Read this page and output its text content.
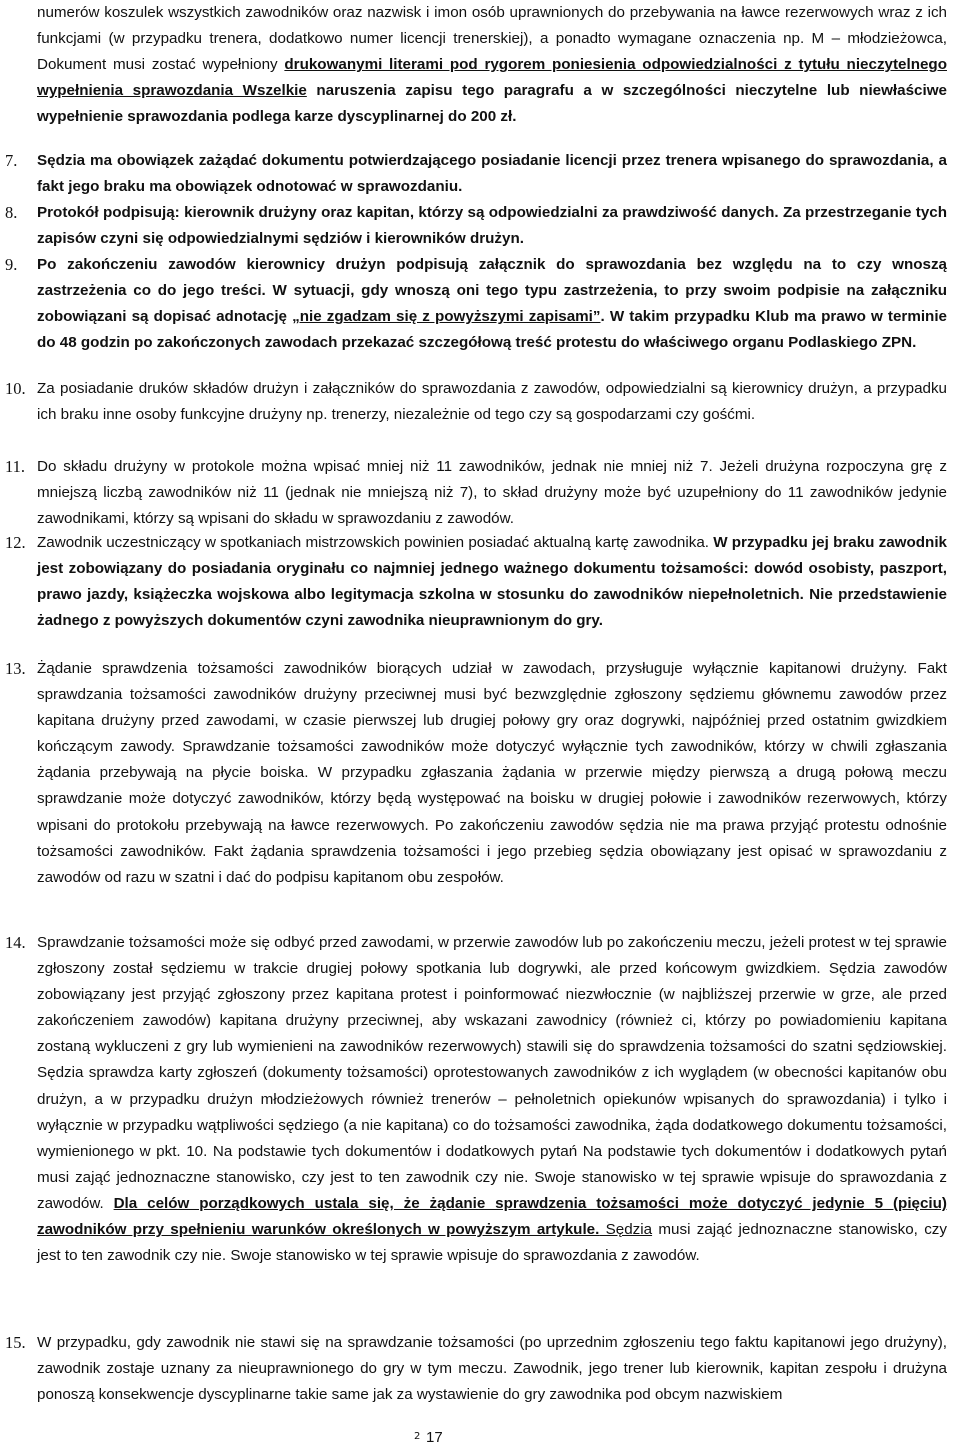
numerów koszulek wszystkich zawodników oraz nazwisk i imon osób uprawnionych do przebywania na ławce rezerwowych wraz z ich funkcjami (w przypadku trenera, dodatkowo numer licencji trenerskiej), a ponadto wymagane oznaczenia np. M – młodzieżowca, Dokument musi zostać wypełniony drukowanymi literami pod rygorem poniesienia odpowiedzialności z tytułu nieczytelnego wypełnienia sprawozdania Wszelkie naruszenia zapisu tego paragrafu a w szczególności nieczytelne lub niewłaściwe wypełnienie sprawozdania podlega karze dyscyplinarnej do 200 zł.
7. Sędzia ma obowiązek zażądać dokumentu potwierdzającego posiadanie licencji przez trenera wpisanego do sprawozdania, a fakt jego braku ma obowiązek odnotować w sprawozdaniu.
8. Protokół podpisują: kierownik drużyny oraz kapitan, którzy są odpowiedzialni za prawdziwość danych. Za przestrzeganie tych zapisów czyni się odpowiedzialnymi sędziów i kierowników drużyn.
9. Po zakończeniu zawodów kierownicy drużyn podpisują załącznik do sprawozdania bez względu na to czy wnoszą zastrzeżenia co do jego treści. W sytuacji, gdy wnoszą oni tego typu zastrzeżenia, to przy swoim podpisie na załączniku zobowiązani są dopisać adnotację „nie zgadzam się z powyższymi zapisami”. W takim przypadku Klub ma prawo w terminie do 48 godzin po zakończonych zawodach przekazać szczegółową treść protestu do właściwego organu Podlaskiego ZPN.
10. Za posiadanie druków składów drużyn i załączników do sprawozdania z zawodów, odpowiedzialni są kierownicy drużyn, a przypadku ich braku inne osoby funkcyjne drużyny np. trenerzy, niezależnie od tego czy są gospodarzami czy gośćmi.
11. Do składu drużyny w protokole można wpisać mniej niż 11 zawodników, jednak nie mniej niż 7. Jeżeli drużyna rozpoczyna grę z mniejszą liczbą zawodników niż 11 (jednak nie mniejszą niż 7), to skład drużyny może być uzupełniony do 11 zawodników jedynie zawodnikami, którzy są wpisani do składu w sprawozdaniu z zawodów.
12. Zawodnik uczestniczący w spotkaniach mistrzowskich powinien posiadać aktualną kartę zawodnika. W przypadku jej braku zawodnik jest zobowiązany do posiadania oryginału co najmniej jednego ważnego dokumentu tożsamości: dowód osobisty, paszport, prawo jazdy, książeczka wojskowa albo legitymacja szkolna w stosunku do zawodników niepełnoletnich. Nie przedstawienie żadnego z powyższych dokumentów czyni zawodnika nieuprawnionym do gry.
13. Żądanie sprawdzenia tożsamości zawodników biorących udział w zawodach, przysługuje wyłącznie kapitanowi drużyny. Fakt sprawdzania tożsamości zawodników drużyny przeciwnej musi być bezwzględnie zgłoszony sędziemu głównemu zawodów przez kapitana drużyny przed zawodami, w czasie pierwszej lub drugiej połowy gry oraz dogrywki, najpóźniej przed ostatnim gwizdkiem kończącym zawody. Sprawdzanie tożsamości zawodników może dotyczyć wyłącznie tych zawodników, którzy w chwili zgłaszania żądania przebywają na płycie boiska. W przypadku zgłaszania żądania w przerwie między pierwszą a drugą połową meczu sprawdzanie może dotyczyć zawodników, którzy będą występować na boisku w drugiej połowie i zawodników rezerwowych, którzy wpisani do protokołu przebywają na ławce rezerwowych. Po zakończeniu zawodów sędzia nie ma prawa przyjąć protestu odnośnie tożsamości zawodników. Fakt żądania sprawdzenia tożsamości i jego przebieg sędzia obowiązany jest opisać w sprawozdaniu z zawodów od razu w szatni i dać do podpisu kapitanom obu zespołów.
14. Sprawdzanie tożsamości może się odbyć przed zawodami, w przerwie zawodów lub po zakończeniu meczu, jeżeli protest w tej sprawie zgłoszony został sędziemu w trakcie drugiej połowy spotkania lub dogrywki, ale przed końcowym gwizdkiem. Sędzia zawodów zobowiązany jest przyjąć zgłoszony przez kapitana protest i poinformować niezwłocznie (w najbliższej przerwie w grze, ale przed zakończeniem zawodów) kapitana drużyny przeciwnej, aby wskazani zawodnicy (również ci, którzy po powiadomieniu kapitana zostaną wykluczeni z gry lub wymienieni na zawodników rezerwowych) stawili się do sprawdzenia tożsamości do szatni sędziowskiej. Sędzia sprawdza karty zgłoszeń (dokumenty tożsamości) oprotestowanych zawodników z ich wyglądem (w obecności kapitanów obu drużyn, a w przypadku drużyn młodzieżowych również trenerów – pełnoletnich opiekunów wpisanych do sprawozdania) i tylko i wyłącznie w przypadku wątpliwości sędziego (a nie kapitana) co do tożsamości zawodnika, żąda dodatkowego dokumentu tożsamości, wymienionego w pkt. 10. Na podstawie tych dokumentów i dodatkowych pytań Na podstawie tych dokumentów i dodatkowych pytań musi zająć jednoznaczne stanowisko, czy jest to ten zawodnik czy nie. Swoje stanowisko w tej sprawie wpisuje do sprawozdania z zawodów. Dla celów porządkowych ustala się, że żądanie sprawdzenia tożsamości może dotyczyć jedynie 5 (pięciu) zawodników przy spełnieniu warunków określonych w powyższym artykule. Sędzia musi zająć jednoznaczne stanowisko, czy jest to ten zawodnik czy nie. Swoje stanowisko w tej sprawie wpisuje do sprawozdania z zawodów.
15. W przypadku, gdy zawodnik nie stawi się na sprawdzanie tożsamości (po uprzednim zgłoszeniu tego faktu kapitanowi jego drużyny), zawodnik zostaje uznany za nieuprawnionego do gry w tym meczu. Zawodnik, jego trener lub kierownik, kapitan zespołu i drużyna ponoszą konsekwencje dyscyplinarne takie same jak za wystawienie do gry zawodnika pod obcym nazwiskiem
2 17
